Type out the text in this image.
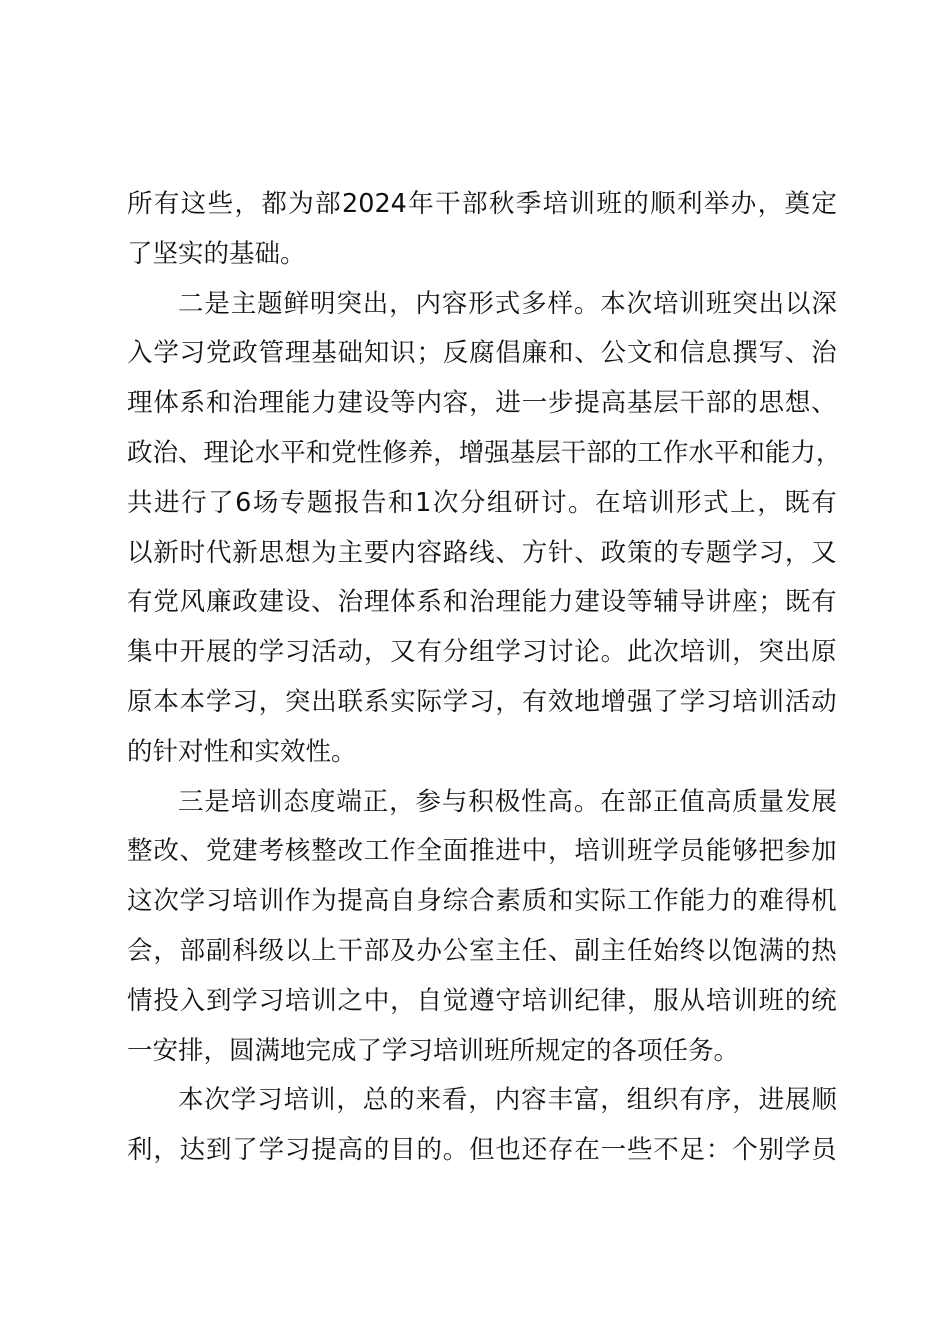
所 有 这 些 ， 都 为 部 2024 年 干 部 秋 季 培 训 班 的 顺 利 举 办 ， 奠 定
了坚实的基础。
二 是 主 题 鲜 明 突 出 ， 内 容 形 式 多 样 。 本 次 培 训 班 突 出 以 深
入 学 习 党 政 管 理 基 础 知 识 ； 反 腐 倡 廉 和 、 公 文 和 信 息 撰 写 、 治
理 体 系 和 治 理 能 力 建 设 等 内 容 ， 进 一 步 提 高 基 层 干 部 的 思 想 、
政 治 、 理 论 水 平 和 党 性 修 养 ， 增 强 基 层 干 部 的 工 作 水 平 和 能 力 ，
共 进 行 了 6 场 专 题 报 告 和 1 次 分 组 研 讨 。 在 培 训 形 式 上 ， 既 有
以 新 时 代 新 思 想 为 主 要 内 容 路 线 、 方 针 、 政 策 的 专 题 学 习 ， 又
有 党 风 廉 政 建 设 、 治 理 体 系 和 治 理 能 力 建 设 等 辅 导 讲 座 ； 既 有
集 中 开 展 的 学 习 活 动 ， 又 有 分 组 学 习 讨 论 。 此 次 培 训 ， 突 出 原
原 本 本 学 习 ， 突 出 联 系 实 际 学 习 ， 有 效 地 增 强 了 学 习 培 训 活 动
的针对性和实效性。
三 是 培 训 态 度 端 正 ， 参 与 积 极 性 高 。 在 部 正 值 高 质 量 发 展
整 改 、 党 建 考 核 整 改 工 作 全 面 推 进 中 ， 培 训 班 学 员 能 够 把 参 加
这 次 学 习 培 训 作 为 提 高 自 身 综 合 素 质 和 实 际 工 作 能 力 的 难 得 机
会 ， 部 副 科 级 以 上 干 部 及 办 公 室 主 任 、 副 主 任 始 终 以 饱 满 的 热
情 投 入 到 学 习 培 训 之 中 ， 自 觉 遵 守 培 训 纪 律 ， 服 从 培 训 班 的 统
一安排，圆满地完成了学习培训班所规定的各项任务。
本 次 学 习 培 训 ， 总 的 来 看 ， 内 容 丰 富 ， 组 织 有 序 ， 进 展 顺
利 ， 达 到 了 学 习 提 高 的 目 的 。 但 也 还 存 在 一 些 不 足 ： 个 别 学 员
